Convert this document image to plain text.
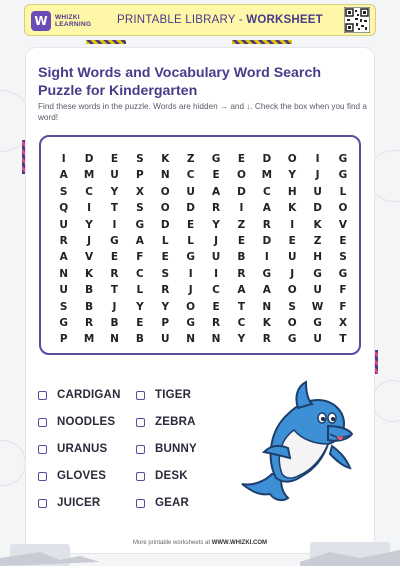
W	WHIZKI
LEARNING PRINTABLE LIBRARY - WORKSHEET
Sight Words and Vocabulary Word Search Puzzle for Kindergarten
Find these words in the puzzle. Words are hidden → and ↓. Check the box when you find a word!
I	D	E	S	K	Z	G	E	D	O	I	G
A	M	U	P	N	C	E	O	M	Y	J	G
S	C	Y	X	O	U	A	D	C	H	U	L
Q	I	T	S	O	D	R	I	A	K	D	O
U	Y	I	G	D	E	Y	Z	R	I	K	V
R	J	G	A	L	L	J	E	D	E	Z	E
A	V	E	F	E	G	U	B	I	U	H	S
N	K	R	C	S	I	I	R	G	J	G	G
U	B	T	L	R	J	C	A	A	O	U	F
S	B	J	Y	Y	O	E	T	N	S	W	F
G	R	B	E	P	G	R	C	K	O	G	X
P	M	N	B	U	N	N	Y	R	G	U	T
CARDIGAN	TIGER
NOODLES	ZEBRA
URANUS	BUNNY
GLOVES	DESK
JUICER	GEAR
More printable worksheets at WWW.WHIZKI.COM
